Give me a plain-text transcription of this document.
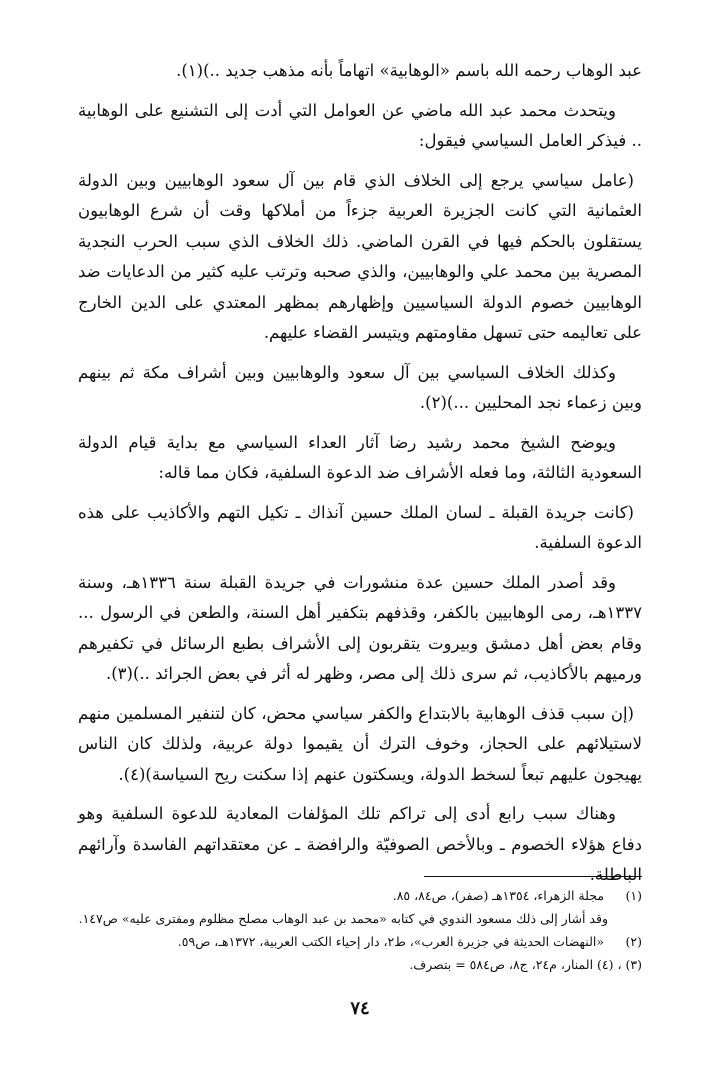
عبد الوهاب رحمه الله باسم «الوهابية» اتهاماً بأنه مذهب جديد ..)(١).

ويتحدث محمد عبد الله ماضي عن العوامل التي أدت إلى التشنيع على الوهابية .. فيذكر العامل السياسي فيقول:

(عامل سياسي يرجع إلى الخلاف الذي قام بين آل سعود الوهابيين وبين الدولة العثمانية التي كانت الجزيرة العربية جزءاً من أملاكها وقت أن شرع الوهابيون يستقلون بالحكم فيها في القرن الماضي. ذلك الخلاف الذي سبب الحرب النجدية المصرية بين محمد علي والوهابيين، والذي صحبه وترتب عليه كثير من الدعايات ضد الوهابيين خصوم الدولة السياسيين وإظهارهم بمظهر المعتدي على الدين الخارج على تعاليمه حتى تسهل مقاومتهم ويتيسر القضاء عليهم.

وكذلك الخلاف السياسي بين آل سعود والوهابيين وبين أشراف مكة ثم بينهم وبين زعماء نجد المحليين ...)(٢).

ويوضح الشيخ محمد رشيد رضا آثار العداء السياسي مع بداية قيام الدولة السعودية الثالثة، وما فعله الأشراف ضد الدعوة السلفية، فكان مما قاله:

(كانت جريدة القبلة ـ لسان الملك حسين آنذاك ـ تكيل التهم والأكاذيب على هذه الدعوة السلفية.

وقد أصدر الملك حسين عدة منشورات في جريدة القبلة سنة ١٣٣٦هـ، وسنة ١٣٣٧هـ، رمى الوهابيين بالكفر، وقذفهم بتكفير أهل السنة، والطعن في الرسول ... وقام بعض أهل دمشق وبيروت يتقربون إلى الأشراف بطبع الرسائل في تكفيرهم ورميهم بالأكاذيب، ثم سرى ذلك إلى مصر، وظهر له أثر في بعض الجرائد ..)(٣).

(إن سبب قذف الوهابية بالابتداع والكفر سياسي محض، كان لتنفير المسلمين منهم لاستيلائهم على الحجاز، وخوف الترك أن يقيموا دولة عربية، ولذلك كان الناس يهيجون عليهم تبعاً لسخط الدولة، ويسكتون عنهم إذا سكنت ريح السياسة)(٤).

وهناك سبب رابع أدى إلى تراكم تلك المؤلفات المعادية للدعوة السلفية وهو دفاع هؤلاء الخصوم ـ وبالأخص الصوفيّة والرافضة ـ عن معتقداتهم الفاسدة وآرائهم الباطلة.

(١) مجلة الزهراء، ١٣٥٤هـ (صفر)، ص٨٤، ٨٥.

وقد أشار إلى ذلك مسعود الندوي في كتابه «محمد بن عبد الوهاب مصلح مظلوم ومفترى عليه» ص١٤٧.

(٢) «النهضات الحديثة في جزيرة العرب»، ط٢، دار إحياء الكتب العربية، ١٣٧٢هـ، ص٥٩.

(٣) ، (٤) المنار، م٢٤، ج٨، ص٥٨٤ = بتصرف.

٧٤
